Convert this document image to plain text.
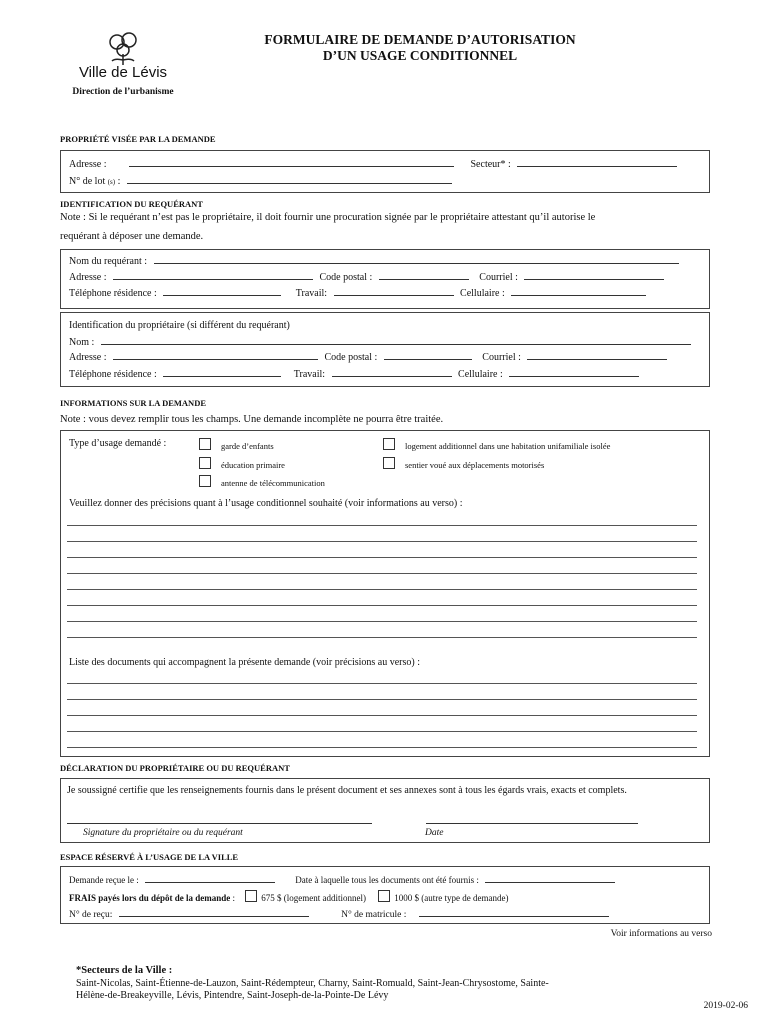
Ville de Lévis
Direction de l’urbanisme
FORMULAIRE DE DEMANDE D’AUTORISATION
D’UN USAGE CONDITIONNEL
PROPRIÉTÉ VISÉE PAR LA DEMANDE
Adresse :	Secteur* :
N° de lot (s) :
IDENTIFICATION DU REQUÉRANT
Note : Si le requérant n’est pas le propriétaire, il doit fournir une procuration signée par le propriétaire attestant qu’il autorise le
requérant à déposer une demande.
Nom du requérant :
Adresse :	Code postal :	Courriel :
Téléphone résidence :	Travail:	Cellulaire :
Identification du propriétaire (si différent du requérant)
Nom :
Adresse :	Code postal :	Courriel :
Téléphone résidence :	Travail:	Cellulaire :
INFORMATIONS SUR LA DEMANDE
Note : vous devez remplir tous les champs. Une demande incomplète ne pourra être traitée.
Type d’usage demandé :	garde d’enfants
éducation primaire
antenne de télécommunication
logement additionnel dans une habitation unifamiliale isolée
sentier voué aux déplacements motorisés
Veuillez donner des précisions quant à l’usage conditionnel souhaité (voir informations au verso) :
Liste des documents qui accompagnent la présente demande (voir précisions au verso) :
DÉCLARATION DU PROPRIÉTAIRE OU DU REQUÉRANT
Je soussigné certifie que les renseignements fournis dans le présent document et ses annexes sont à tous les égards vrais, exacts et complets.
Signature du propriétaire ou du requérant	Date
ESPACE RÉSERVÉ À L’USAGE DE LA VILLE
Demande reçue le :	Date à laquelle tous les documents ont été fournis :
FRAIS payés lors du dépôt de la demande :	675 $ (logement additionnel)	1000 $ (autre type de demande)
N° de reçu:	N° de matricule :
Voir informations au verso
*Secteurs de la Ville :
Saint-Nicolas, Saint-Étienne-de-Lauzon, Saint-Rédempteur, Charny, Saint-Romuald, Saint-Jean-Chrysostome, Sainte-
Hélène-de-Breakeyville, Lévis, Pintendre, Saint-Joseph-de-la-Pointe-De Lévy
2019-02-06
